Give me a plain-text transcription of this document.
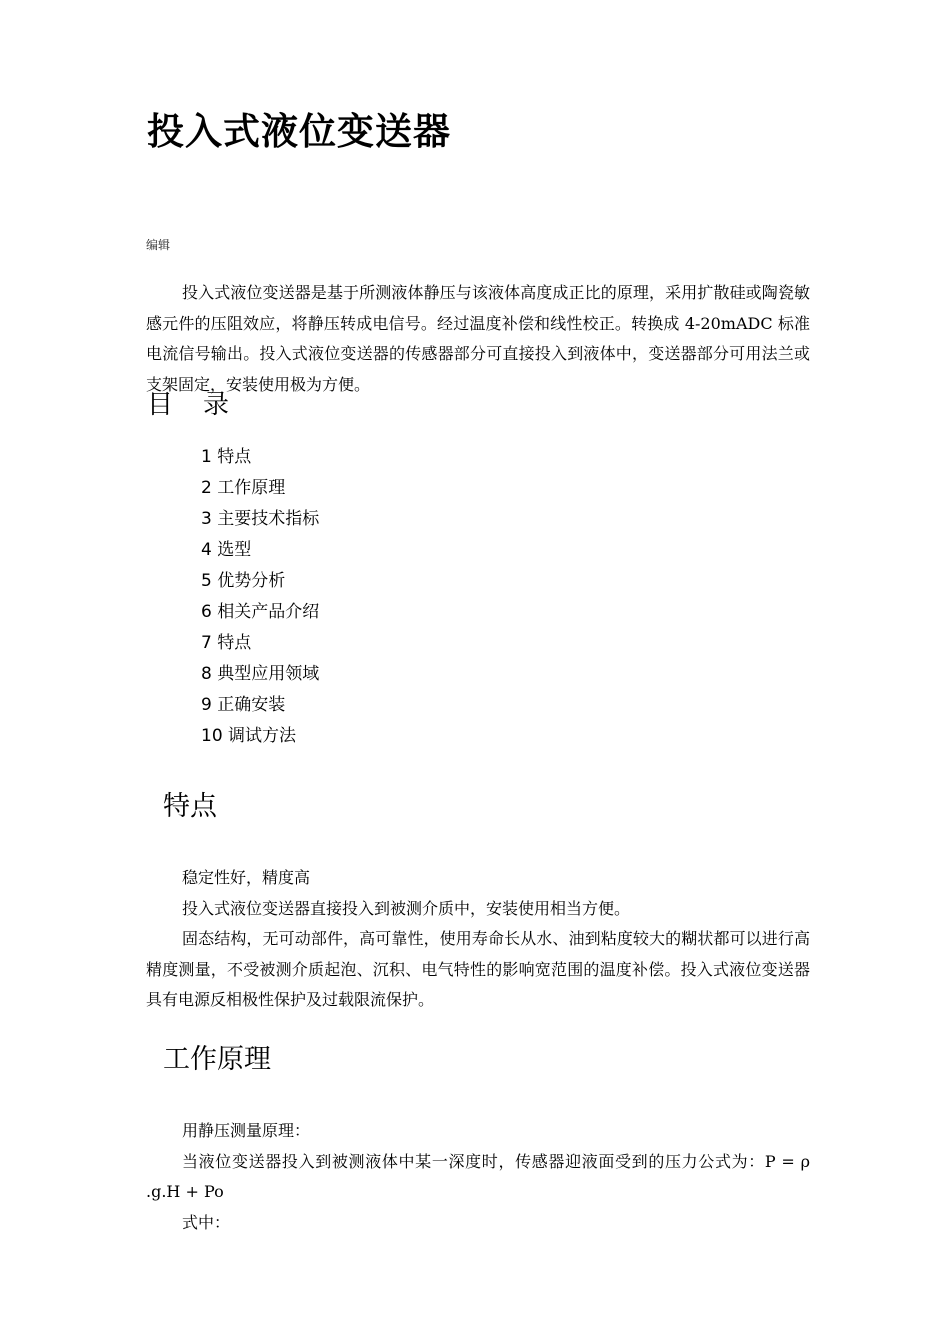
投入式液位变送器
编辑

投入式液位变送器是基于所测液体静压与该液体高度成正比的原理，采用扩散硅或陶瓷敏感元件的压阻效应，将静压转成电信号。经过温度补偿和线性校正。转换成 4-20mADC 标准电流信号输出。投入式液位变送器的传感器部分可直接投入到液体中，变送器部分可用法兰或支架固定，安装使用极为方便。

目录
1 特点
2 工作原理
3 主要技术指标
4 选型
5 优势分析
6 相关产品介绍
7 特点
8 典型应用领域
9 正确安装
10 调试方法
特点

稳定性好，精度高

投入式液位变送器直接投入到被测介质中，安装使用相当方便。

固态结构，无可动部件，高可靠性，使用寿命长从水、油到粘度较大的糊状都可以进行高精度测量，不受被测介质起泡、沉积、电气特性的影响宽范围的温度补偿。投入式液位变送器具有电源反相极性保护及过载限流保护。

工作原理

用静压测量原理：

当液位变送器投入到被测液体中某一深度时，传感器迎液面受到的压力公式为：P = ρ .g.H + Po

式中：
